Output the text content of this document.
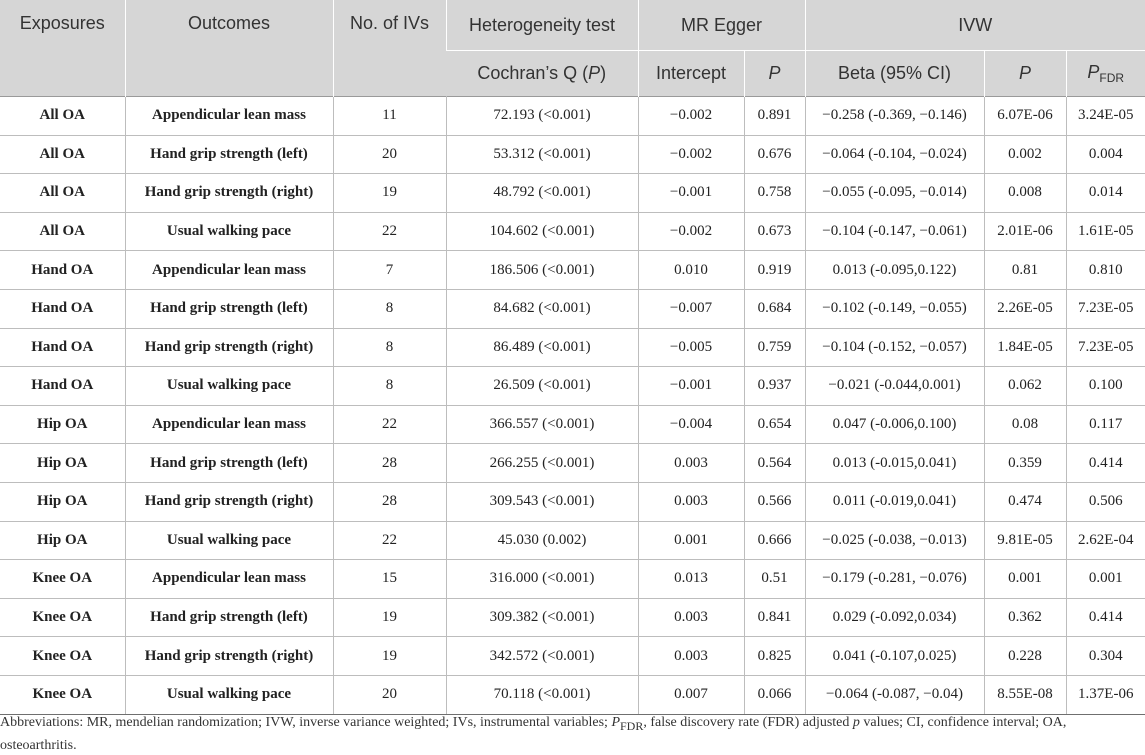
Exposures	Outcomes	No. of IVs	Heterogeneity test	MR Egger		IVW		
			Cochran’s Q (P)	Intercept	P	Beta (95% CI)	P	$P_{FDR}$
All OA	Appendicular lean mass	11	72.193 (<0.001)	−0.002	0.891	−0.258 (-0.369, −0.146)	6.07E-06	3.24E-05
All OA	Hand grip strength (left)	20	53.312 (<0.001)	−0.002	0.676	−0.064 (-0.104, −0.024)	0.002	0.004
All OA	Hand grip strength (right)	19	48.792 (<0.001)	−0.001	0.758	−0.055 (-0.095, −0.014)	0.008	0.014
All OA	Usual walking pace	22	104.602 (<0.001)	−0.002	0.673	−0.104 (-0.147, −0.061)	2.01E-06	1.61E-05
Hand OA	Appendicular lean mass	7	186.506 (<0.001)	0.010	0.919	0.013 (-0.095,0.122)	0.81	0.810
Hand OA	Hand grip strength (left)	8	84.682 (<0.001)	−0.007	0.684	−0.102 (-0.149, −0.055)	2.26E-05	7.23E-05
Hand OA	Hand grip strength (right)	8	86.489 (<0.001)	−0.005	0.759	−0.104 (-0.152, −0.057)	1.84E-05	7.23E-05
Hand OA	Usual walking pace	8	26.509 (<0.001)	−0.001	0.937	−0.021 (-0.044,0.001)	0.062	0.100
Hip OA	Appendicular lean mass	22	366.557 (<0.001)	−0.004	0.654	0.047 (-0.006,0.100)	0.08	0.117
Hip OA	Hand grip strength (left)	28	266.255 (<0.001)	0.003	0.564	0.013 (-0.015,0.041)	0.359	0.414
Hip OA	Hand grip strength (right)	28	309.543 (<0.001)	0.003	0.566	0.011 (-0.019,0.041)	0.474	0.506
Hip OA	Usual walking pace	22	45.030 (0.002)	0.001	0.666	−0.025 (-0.038, −0.013)	9.81E-05	2.62E-04
Knee OA	Appendicular lean mass	15	316.000 (<0.001)	0.013	0.51	−0.179 (-0.281, −0.076)	0.001	0.001
Knee OA	Hand grip strength (left)	19	309.382 (<0.001)	0.003	0.841	0.029 (-0.092,0.034)	0.362	0.414
Knee OA	Hand grip strength (right)	19	342.572 (<0.001)	0.003	0.825	0.041 (-0.107,0.025)	0.228	0.304
Knee OA	Usual walking pace	20	70.118 (<0.001)	0.007	0.066	−0.064 (-0.087, −0.04)	8.55E-08	1.37E-06
Abbreviations: MR, mendelian randomization; IVW, inverse variance weighted; IVs, instrumental variables; $P_{FDR}$, false discovery rate (FDR) adjusted p values; CI, confidence interval; OA, osteoarthritis.
